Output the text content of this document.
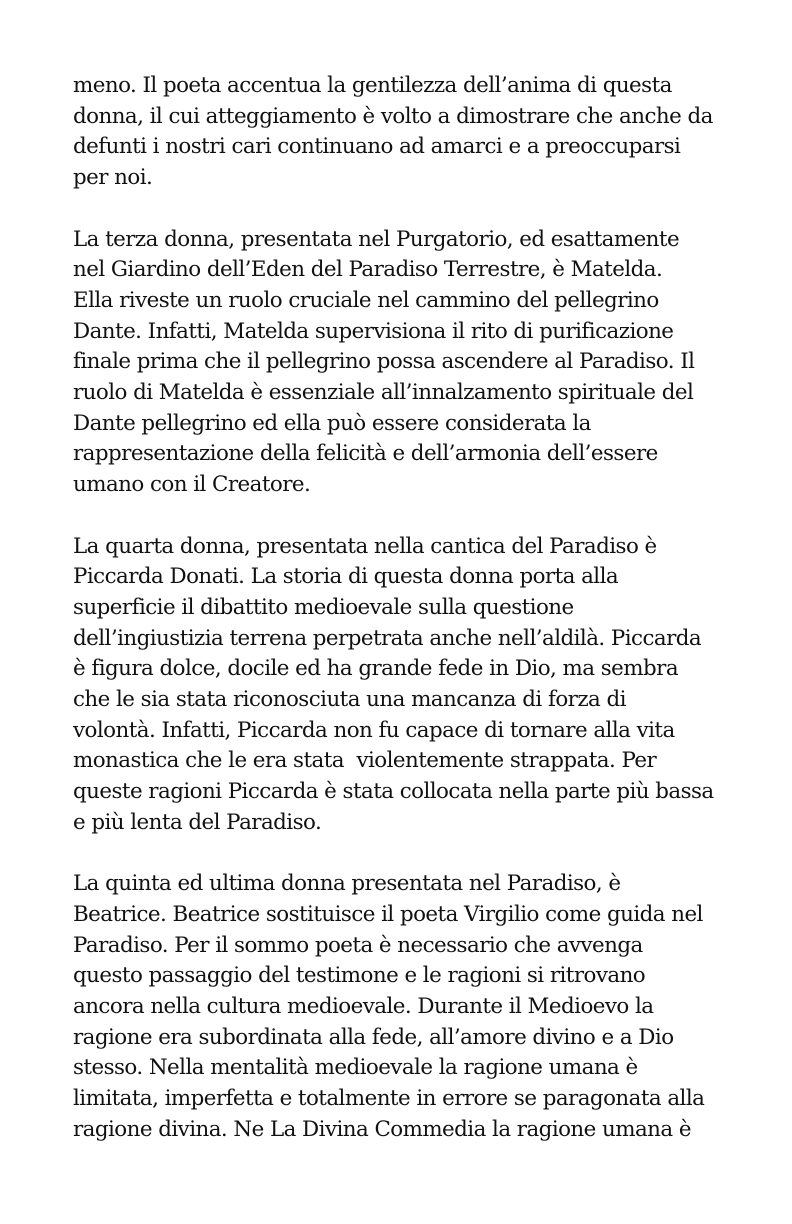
meno. Il poeta accentua la gentilezza dell’anima di questa
donna, il cui atteggiamento è volto a dimostrare che anche da
defunti i nostri cari continuano ad amarci e a preoccuparsi
per noi.

La terza donna, presentata nel Purgatorio, ed esattamente
nel Giardino dell’Eden del Paradiso Terrestre, è Matelda.
Ella riveste un ruolo cruciale nel cammino del pellegrino
Dante. Infatti, Matelda supervisiona il rito di purificazione
finale prima che il pellegrino possa ascendere al Paradiso. Il
ruolo di Matelda è essenziale all’innalzamento spirituale del
Dante pellegrino ed ella può essere considerata la
rappresentazione della felicità e dell’armonia dell’essere
umano con il Creatore.

La quarta donna, presentata nella cantica del Paradiso è
Piccarda Donati. La storia di questa donna porta alla
superficie il dibattito medioevale sulla questione
dell’ingiustizia terrena perpetrata anche nell’aldilà. Piccarda
è figura dolce, docile ed ha grande fede in Dio, ma sembra
che le sia stata riconosciuta una mancanza di forza di
volontà. Infatti, Piccarda non fu capace di tornare alla vita
monastica che le era stata  violentemente strappata. Per
queste ragioni Piccarda è stata collocata nella parte più bassa
e più lenta del Paradiso.

La quinta ed ultima donna presentata nel Paradiso, è
Beatrice. Beatrice sostituisce il poeta Virgilio come guida nel
Paradiso. Per il sommo poeta è necessario che avvenga
questo passaggio del testimone e le ragioni si ritrovano
ancora nella cultura medioevale. Durante il Medioevo la
ragione era subordinata alla fede, all’amore divino e a Dio
stesso. Nella mentalità medioevale la ragione umana è
limitata, imperfetta e totalmente in errore se paragonata alla
ragione divina. Ne La Divina Commedia la ragione umana è
